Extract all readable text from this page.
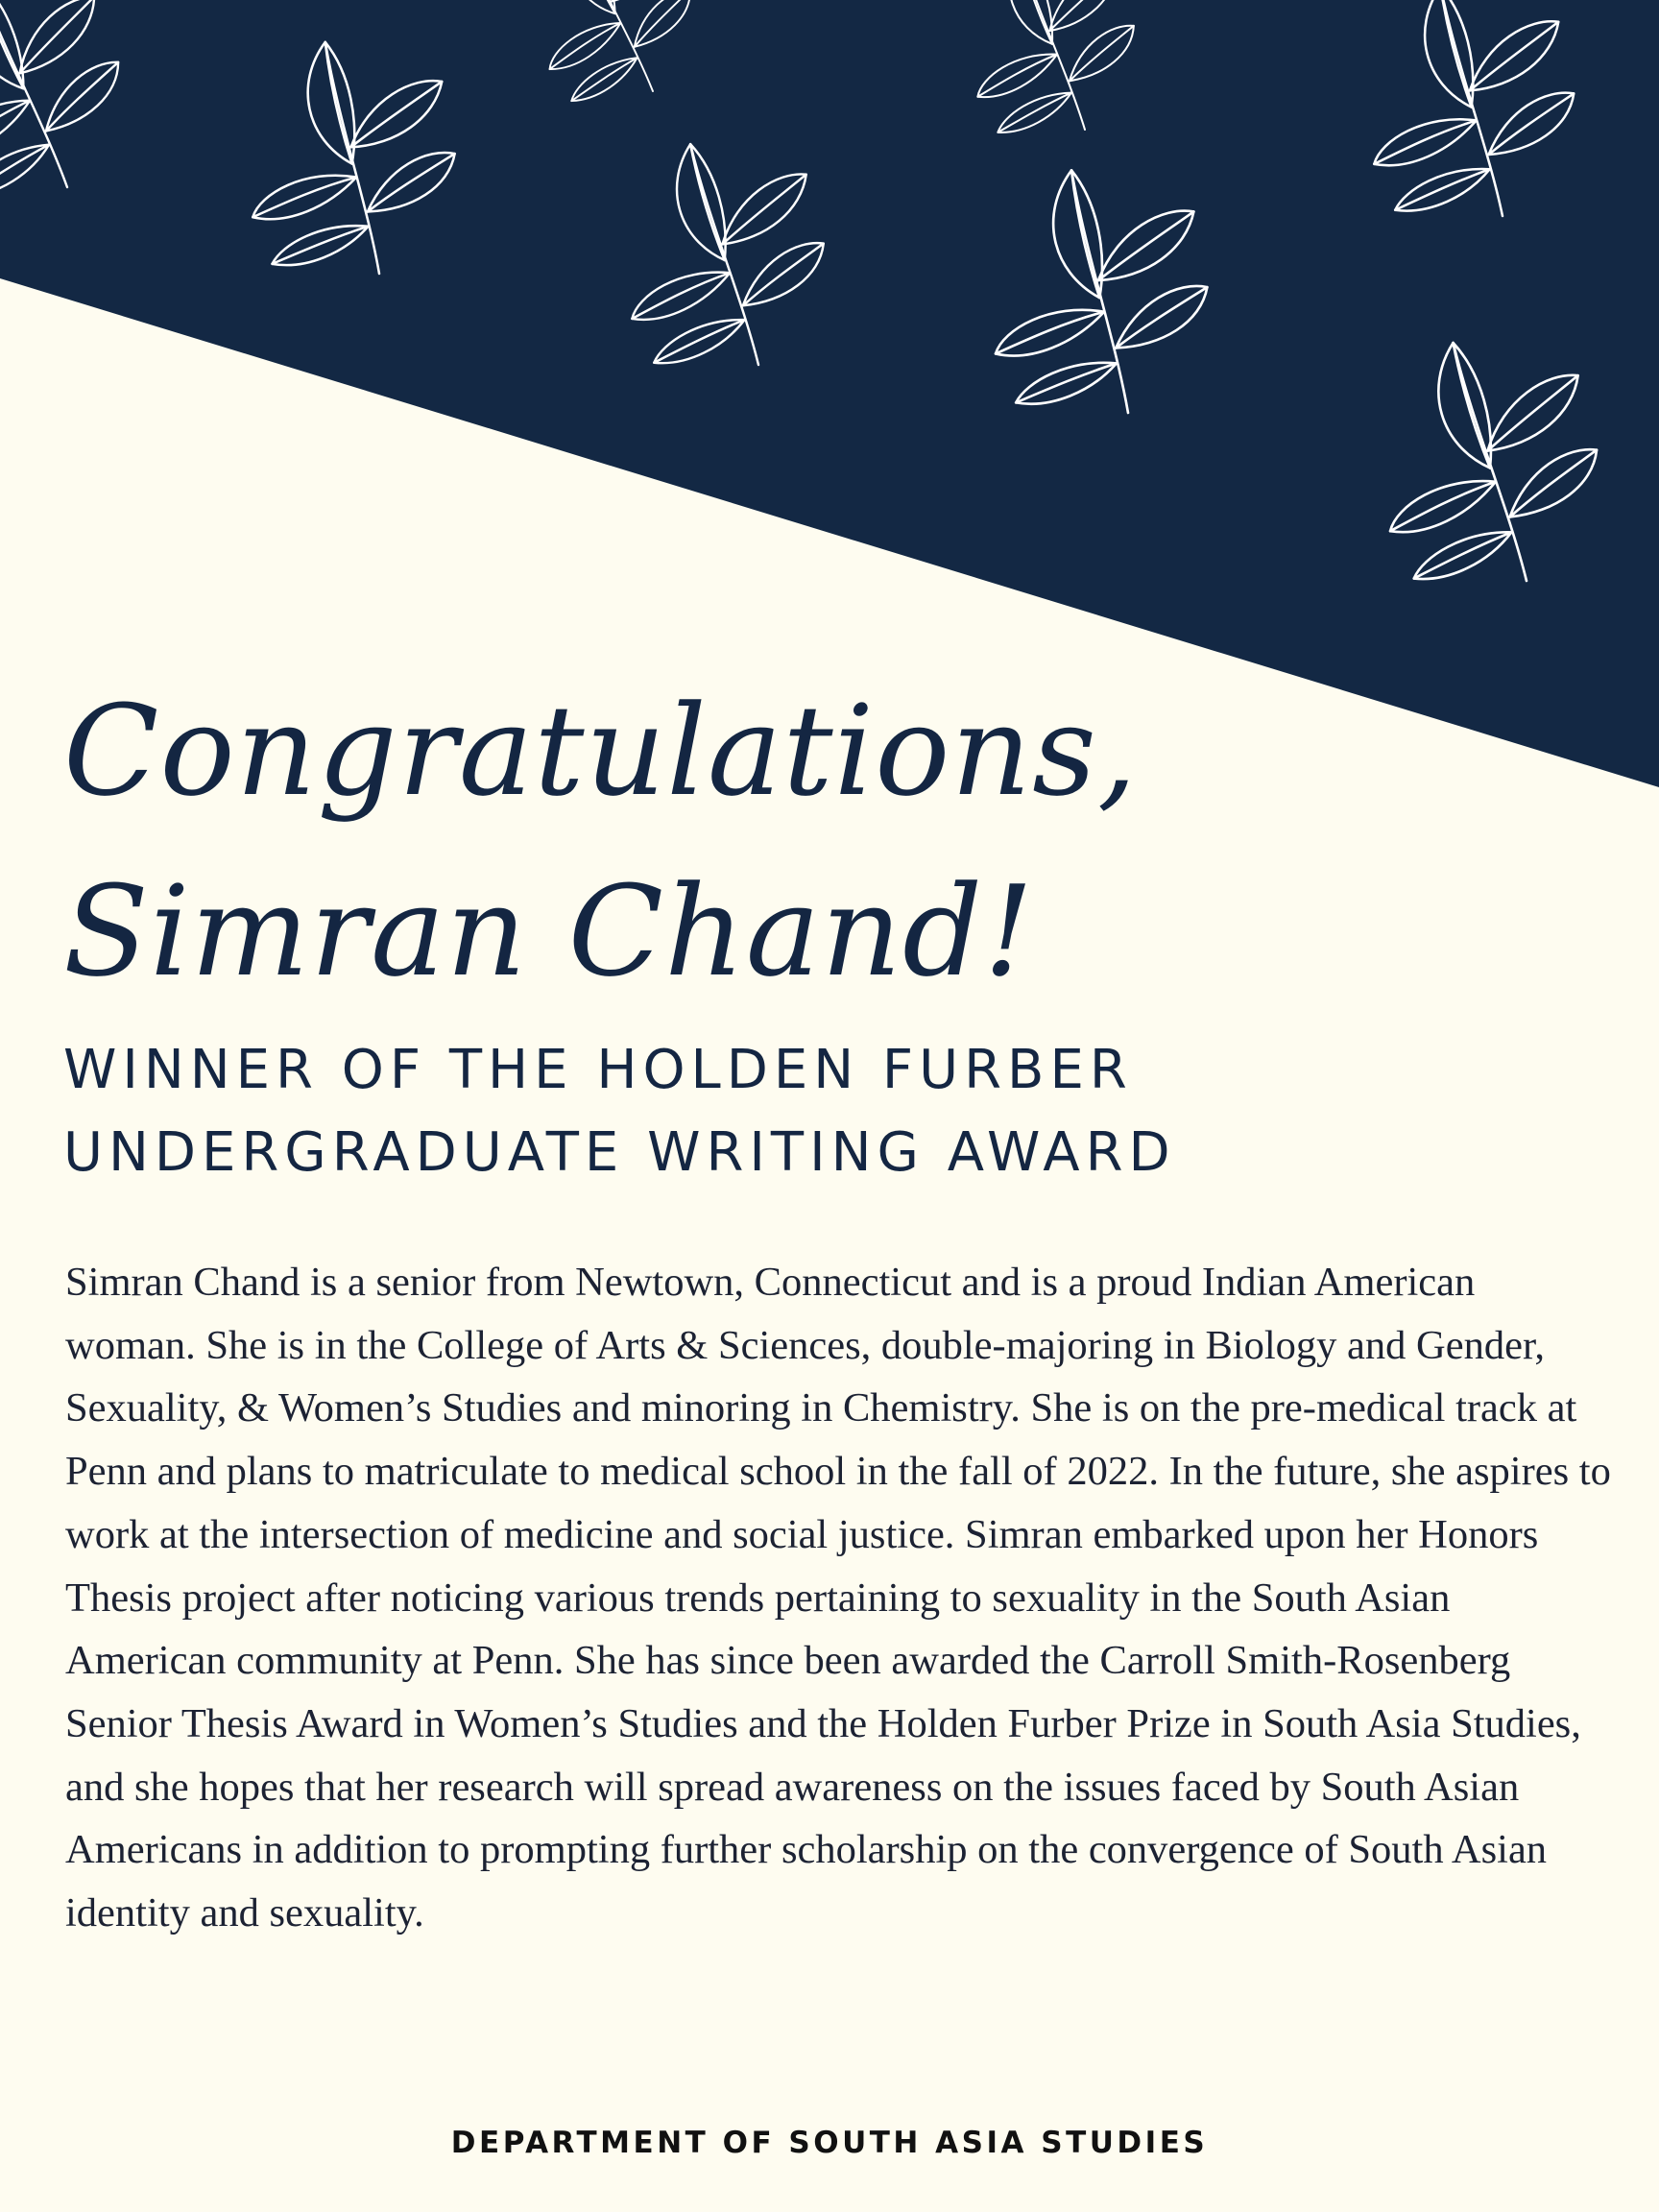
Congratulations,
Simran Chand!
WINNER OF THE HOLDEN FURBER
UNDERGRADUATE WRITING AWARD

Simran Chand is a senior from Newtown, Connecticut and is a proud Indian American woman. She is in the College of Arts & Sciences, double-majoring in Biology and Gender, Sexuality, & Women’s Studies and minoring in Chemistry. She is on the pre-medical track at Penn and plans to matriculate to medical school in the fall of 2022. In the future, she aspires to work at the intersection of medicine and social justice. Simran embarked upon her Honors Thesis project after noticing various trends pertaining to sexuality in the South Asian American community at Penn. She has since been awarded the Carroll Smith-Rosenberg Senior Thesis Award in Women’s Studies and the Holden Furber Prize in South Asia Studies, and she hopes that her research will spread awareness on the issues faced by South Asian Americans in addition to prompting further scholarship on the convergence of South Asian identity and sexuality.

DEPARTMENT OF SOUTH ASIA STUDIES
